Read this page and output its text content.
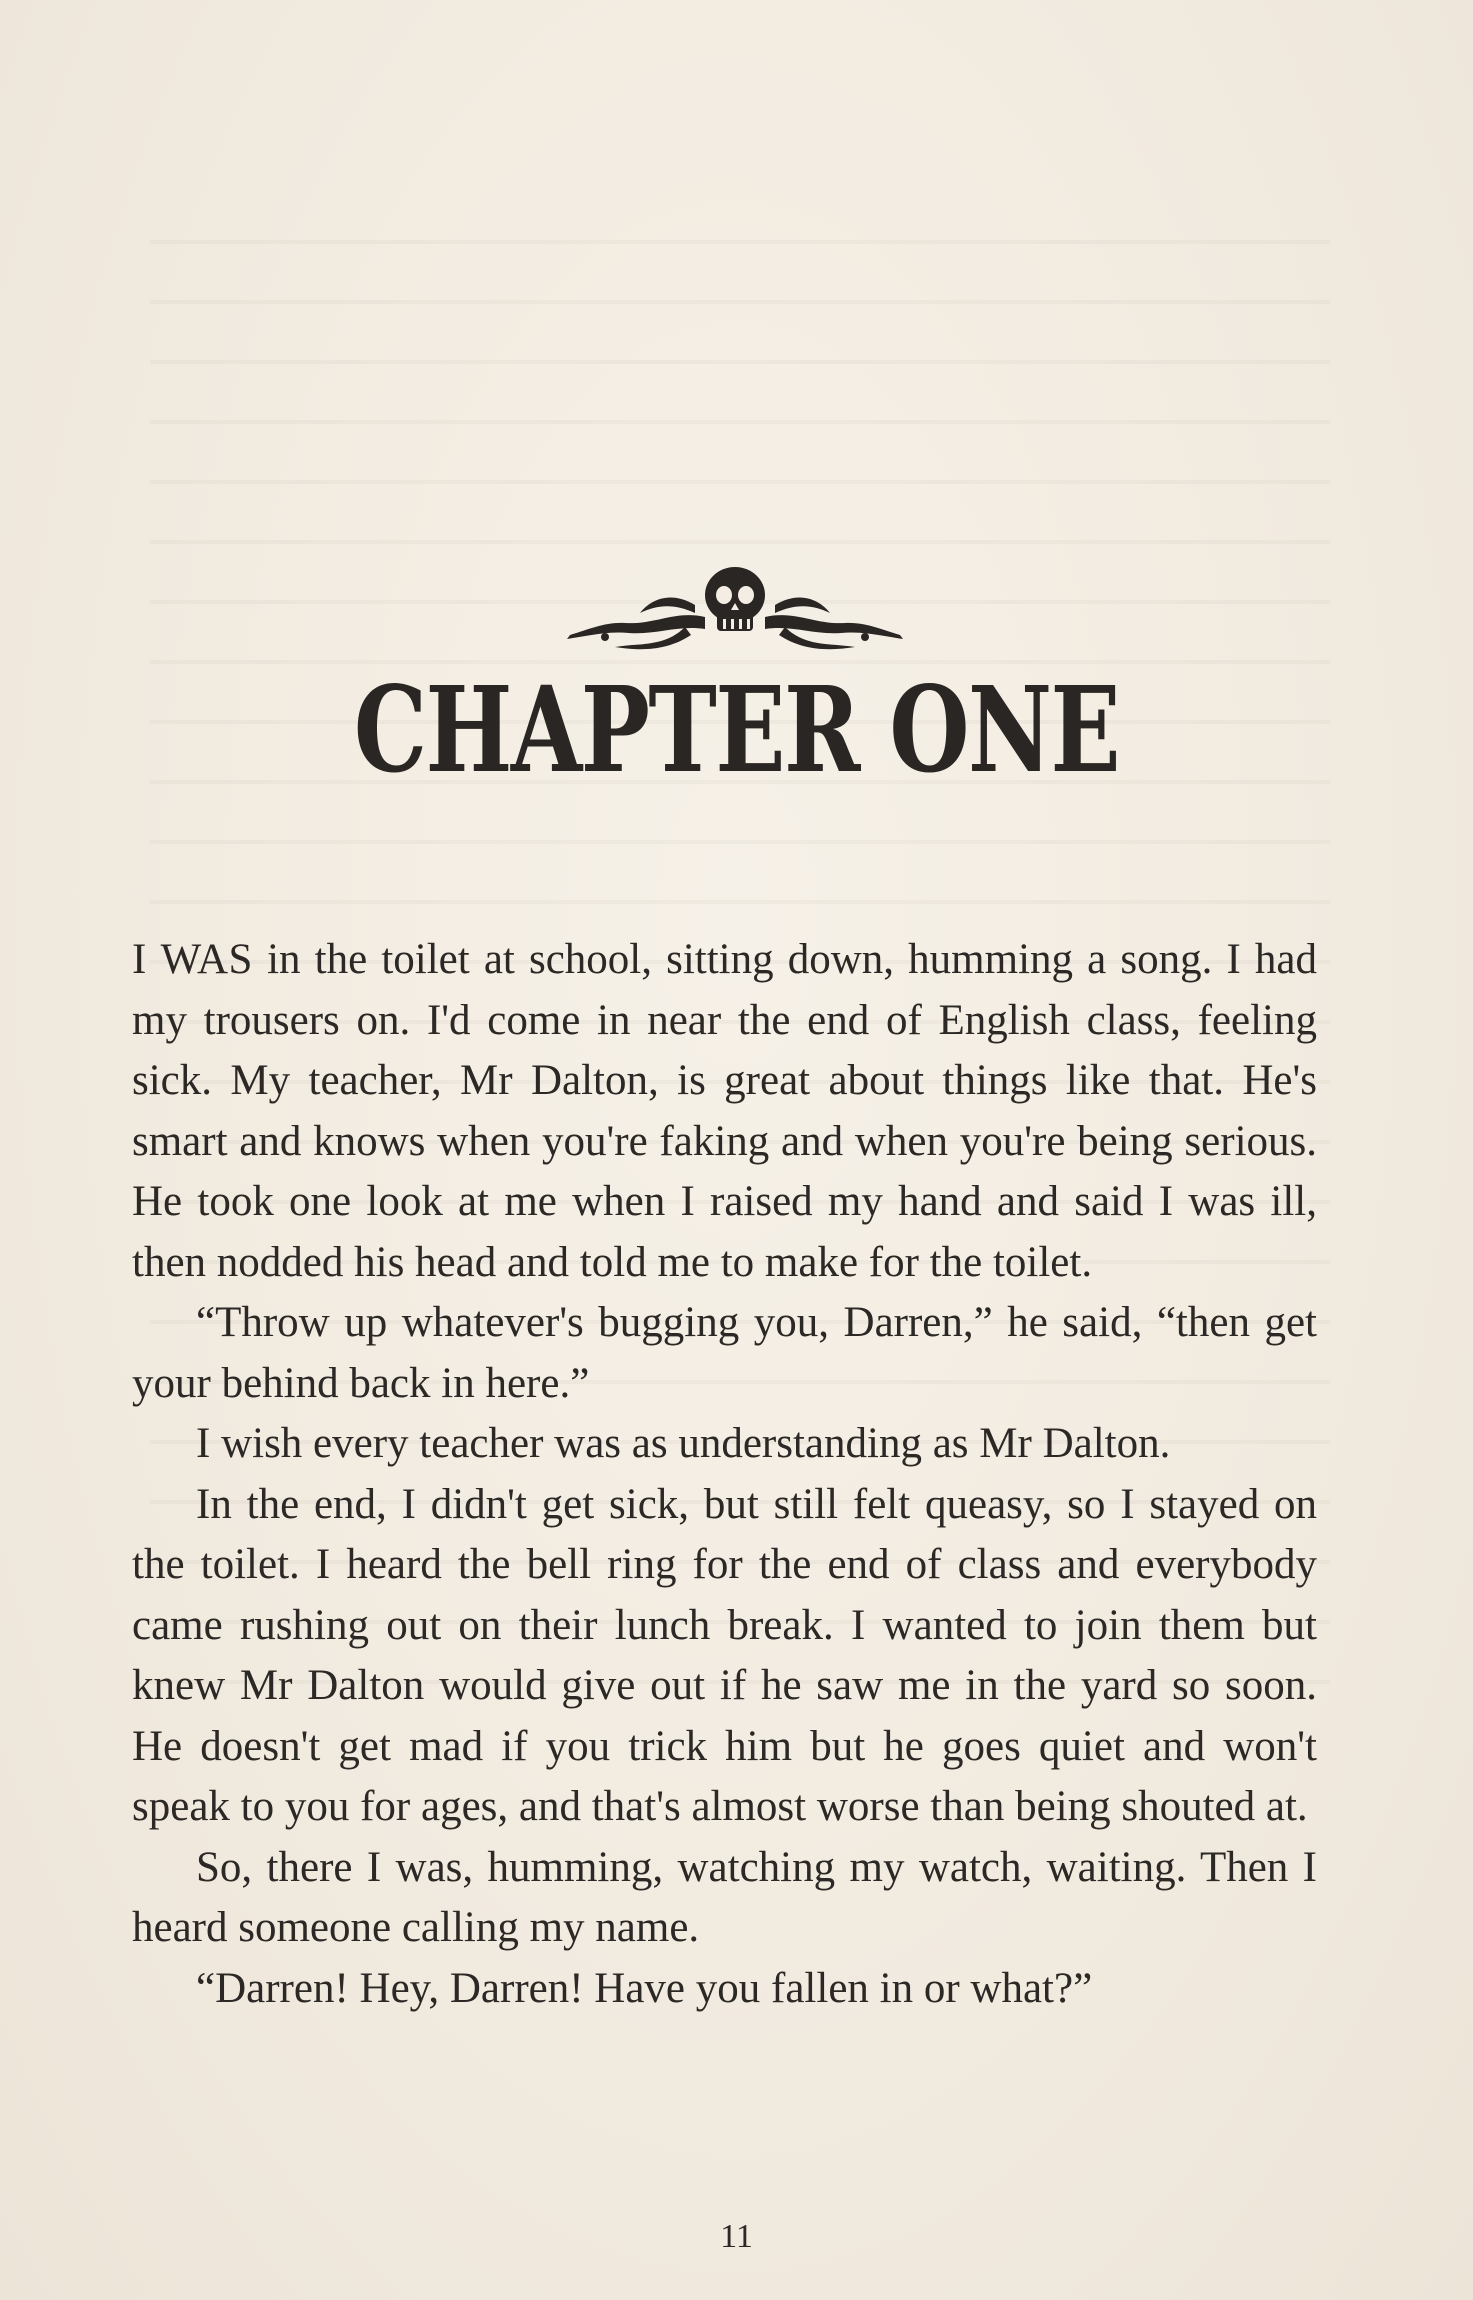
CHAPTER ONE

I WAS in the toilet at school, sitting down, humming a song. I had my trousers on. I'd come in near the end of English class, feeling sick. My teacher, Mr Dalton, is great about things like that. He's smart and knows when you're faking and when you're being serious. He took one look at me when I raised my hand and said I was ill, then nodded his head and told me to make for the toilet.

“Throw up whatever's bugging you, Darren,” he said, “then get your behind back in here.”

I wish every teacher was as understanding as Mr Dalton.

In the end, I didn't get sick, but still felt queasy, so I stayed on the toilet. I heard the bell ring for the end of class and everybody came rushing out on their lunch break. I wanted to join them but knew Mr Dalton would give out if he saw me in the yard so soon. He doesn't get mad if you trick him but he goes quiet and won't speak to you for ages, and that's almost worse than being shouted at.

So, there I was, humming, watching my watch, waiting. Then I heard someone calling my name.

“Darren! Hey, Darren! Have you fallen in or what?”

11
